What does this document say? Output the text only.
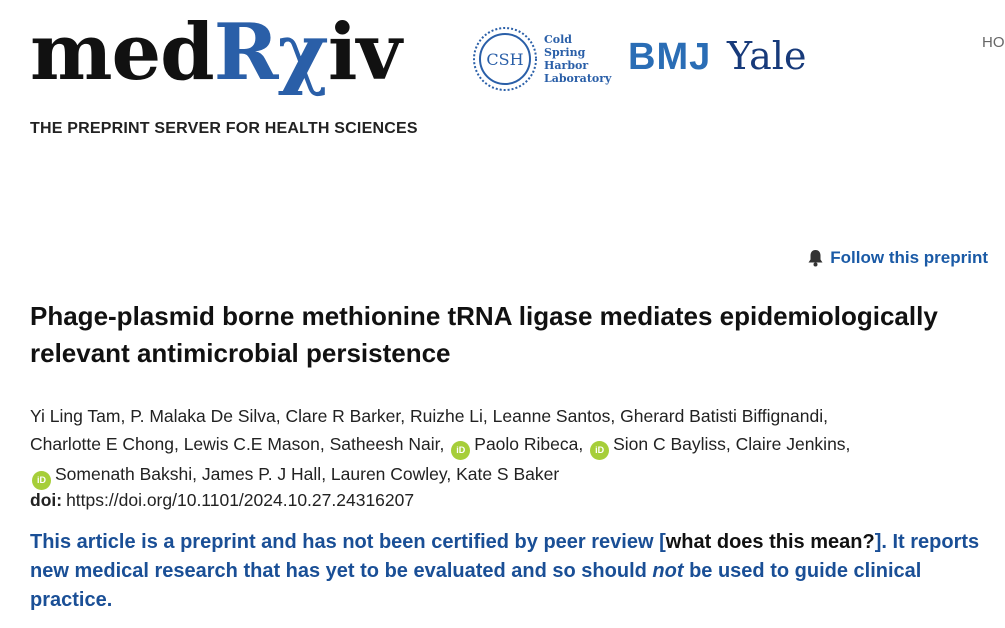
medRχiv
THE PREPRINT SERVER FOR HEALTH SCIENCES
CSH
Cold
Spring
Harbor
Laboratory
BMJ Yale	HO
Follow this preprint
Phage-plasmid borne methionine tRNA ligase mediates epidemiologically
relevant antimicrobial persistence
Yi Ling Tam, P. Malaka De Silva, Clare R Barker, Ruizhe Li, Leanne Santos, Gherard Batisti Biffignandi,
Charlotte E Chong, Lewis C.E Mason, Satheesh Nair, iD Paolo Ribeca, iD Sion C Bayliss, Claire Jenkins,
iD Somenath Bakshi, James P. J Hall, Lauren Cowley, Kate S Baker
doi: https://doi.org/10.1101/2024.10.27.24316207
This article is a preprint and has not been certified by peer review [what does this mean?]. It reports new medical research that has yet to be evaluated and so should not be used to guide clinical practice.
